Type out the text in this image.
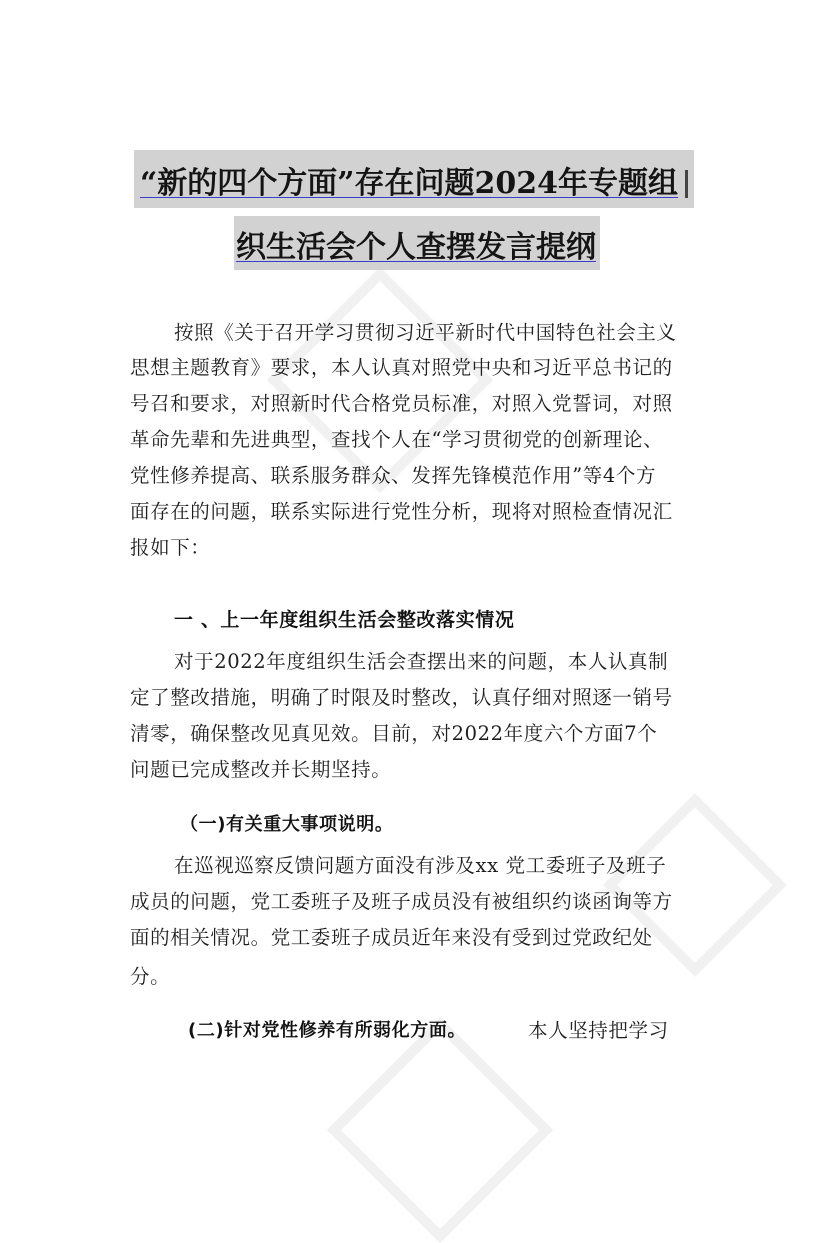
“新的四个方面”存在问题2024年专题组
织生活会个人查摆发言提纲
按照《关于召开学习贯彻习近平新时代中国特色社会主义
思想主题教育》要求，本人认真对照党中央和习近平总书记的
号召和要求，对照新时代合格党员标准，对照入党誓词，对照
革命先辈和先进典型，查找个人在“学习贯彻党的创新理论、
党性修养提高、联系服务群众、发挥先锋模范作用”等4个方
面存在的问题，联系实际进行党性分析，现将对照检查情况汇
报如下：
一 、上一年度组织生活会整改落实情况
对于2022年度组织生活会查摆出来的问题，本人认真制
定了整改措施，明确了时限及时整改，认真仔细对照逐一销号
清零，确保整改见真见效。目前，对2022年度六个方面7个
问题已完成整改并长期坚持。
（一)有关重大事项说明。
在巡视巡察反馈问题方面没有涉及xx 党工委班子及班子
成员的问题，党工委班子及班子成员没有被组织约谈函询等方
面的相关情况。党工委班子成员近年来没有受到过党政纪处
分。
(二)针对党性修养有所弱化方面。	本人坚持把学习
